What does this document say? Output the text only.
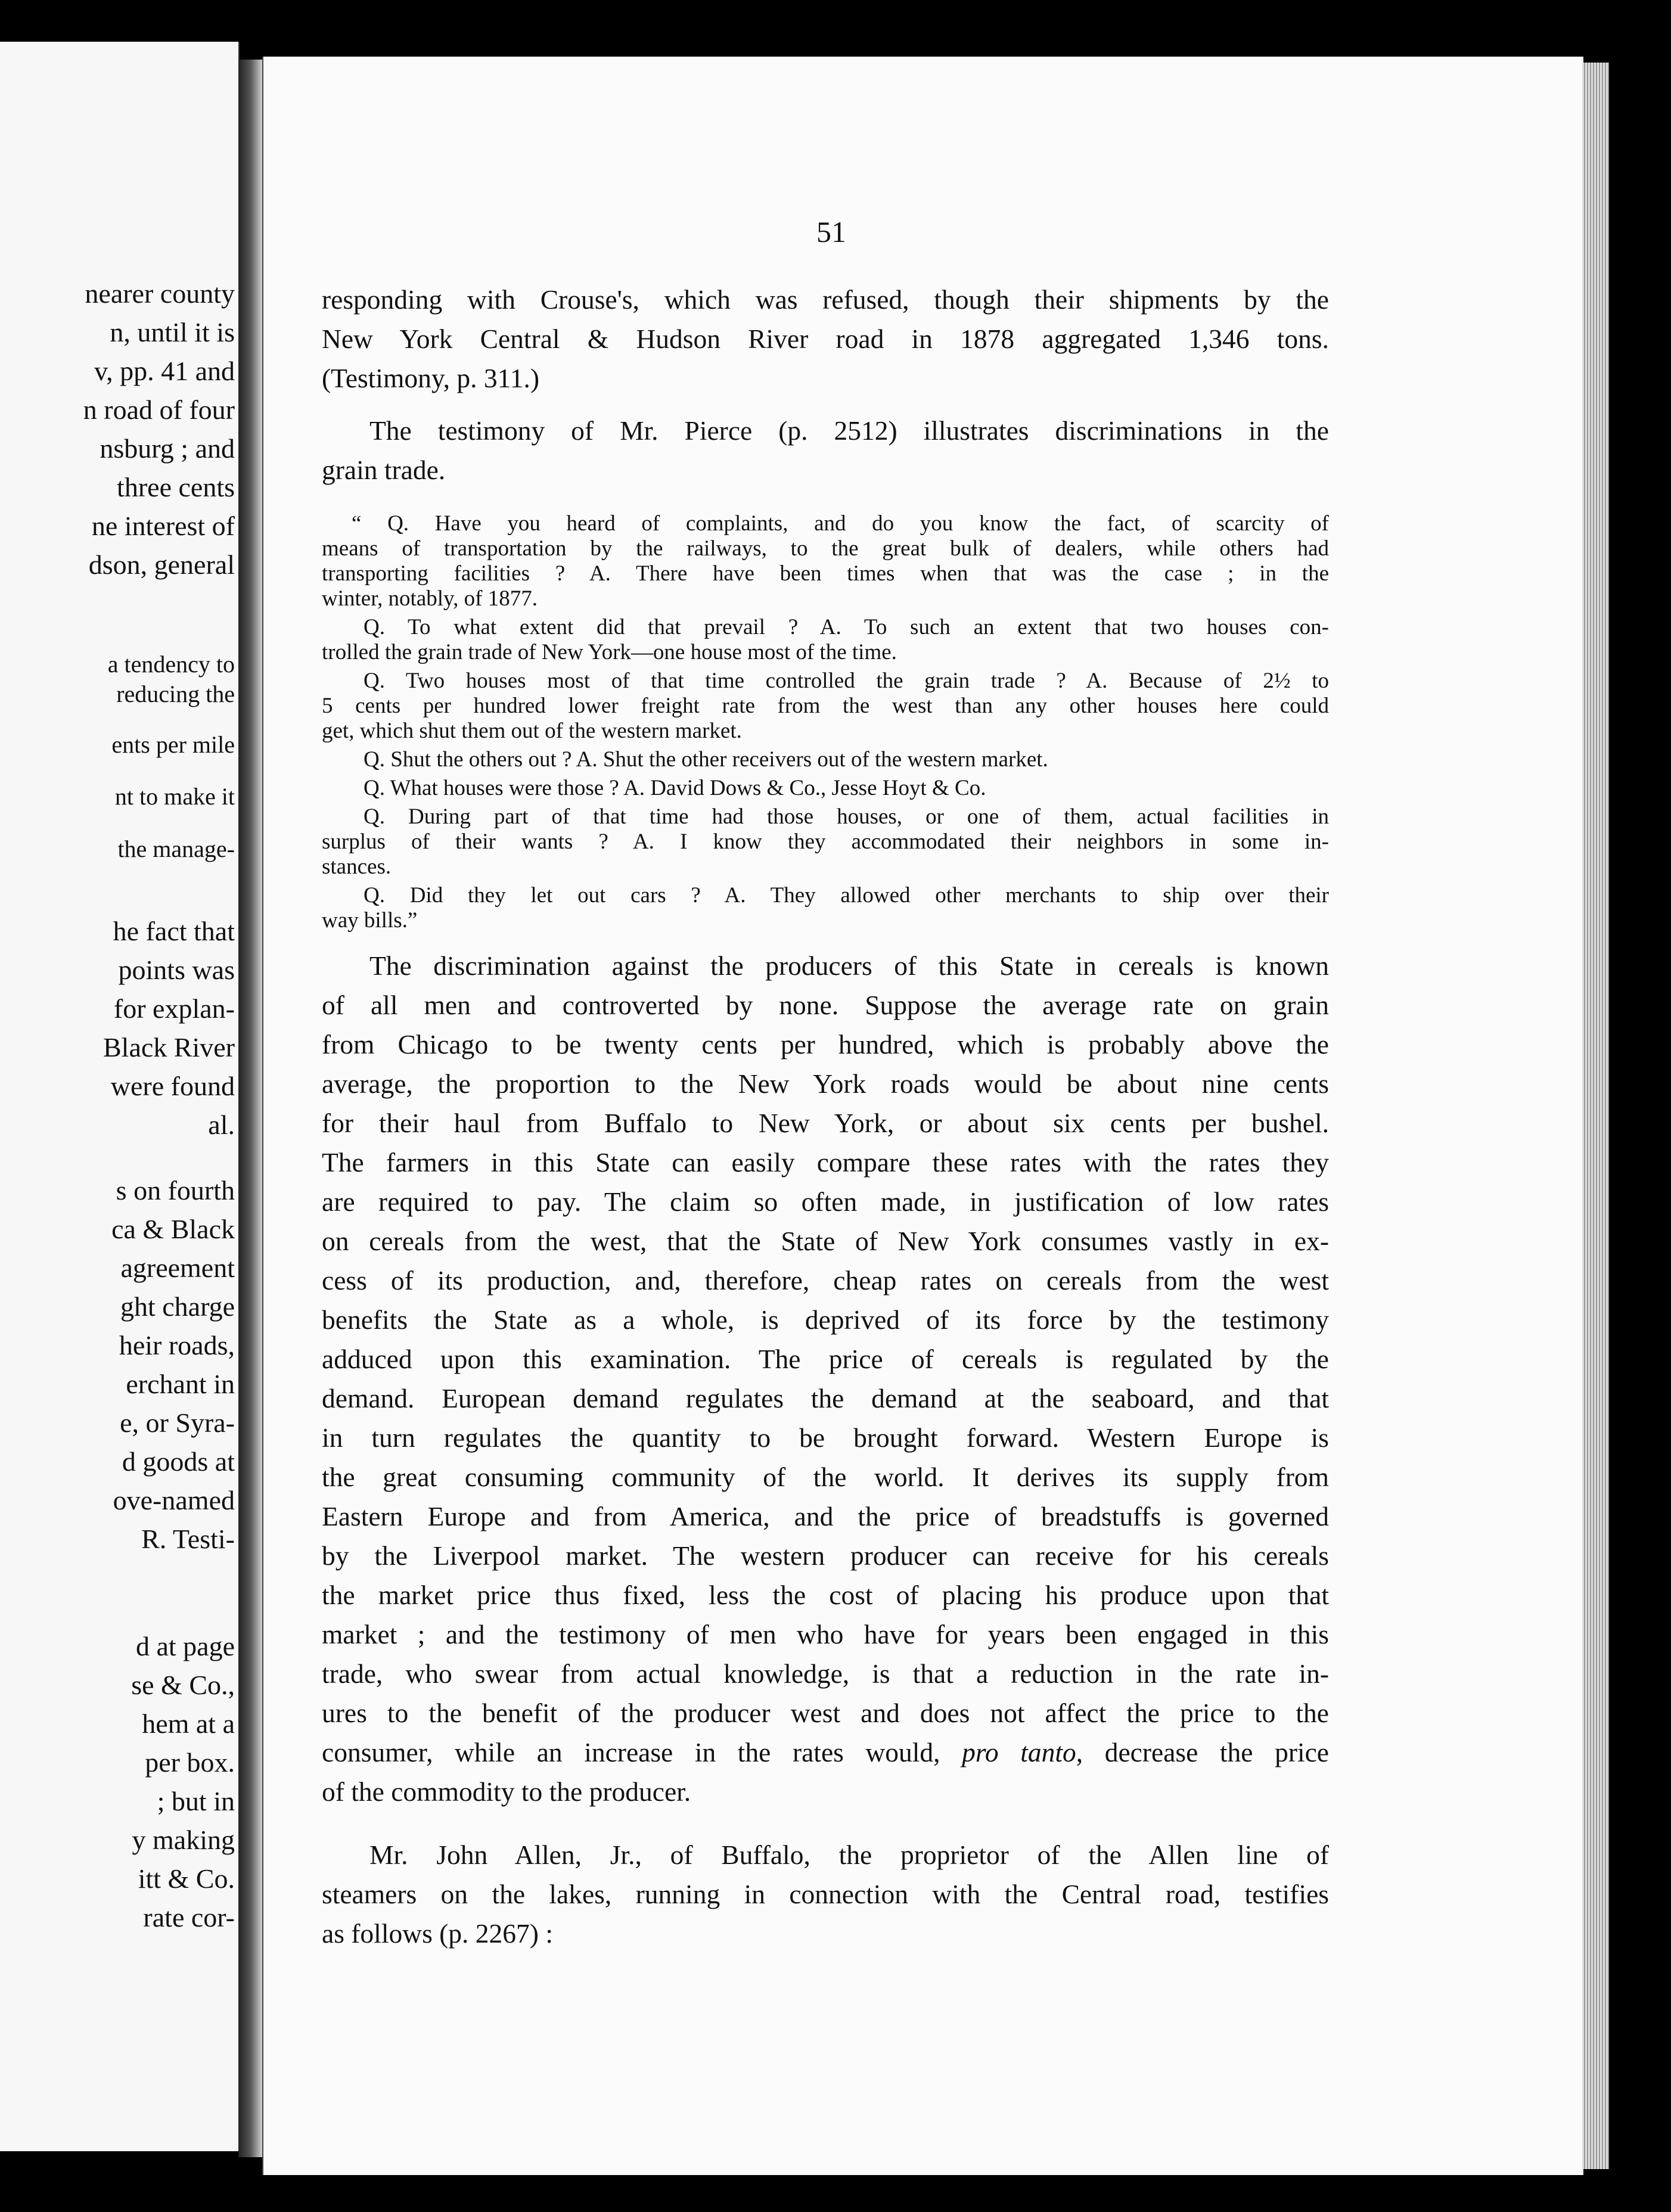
nearer county
n, until it is
v, pp. 41 and
n road of four
nsburg ; and
three cents
ne interest of
dson, general
a tendency to
reducing the
ents per mile
nt to make it
the manage-
he fact that
points was
for explan-
Black River
were found
al.
s on fourth
ca & Black
agreement
ght charge
heir roads,
erchant in
e, or Syra-
d goods at
ove-named
R. Testi-
d at page
se & Co.,
hem at a
per box.
; but in
y making
itt & Co.
rate cor-
51
responding with Crouse's, which was refused, though their shipments by the
New York Central & Hudson River road in 1878 aggregated 1,346 tons.
(Testimony, p. 311.)
The testimony of Mr. Pierce (p. 2512) illustrates discriminations in the
grain trade.
“ Q. Have you heard of complaints, and do you know the fact, of scarcity of
means of transportation by the railways, to the great bulk of dealers, while others had
transporting facilities ? A. There have been times when that was the case ; in the
winter, notably, of 1877.
Q. To what extent did that prevail ? A. To such an extent that two houses con-
trolled the grain trade of New York—one house most of the time.
Q. Two houses most of that time controlled the grain trade ? A. Because of 2½ to
5 cents per hundred lower freight rate from the west than any other houses here could
get, which shut them out of the western market.
Q. Shut the others out ? A. Shut the other receivers out of the western market.
Q. What houses were those ? A. David Dows & Co., Jesse Hoyt & Co.
Q. During part of that time had those houses, or one of them, actual facilities in
surplus of their wants ? A. I know they accommodated their neighbors in some in-
stances.
Q. Did they let out cars ? A. They allowed other merchants to ship over their
way bills.”
The discrimination against the producers of this State in cereals is known
of all men and controverted by none. Suppose the average rate on grain
from Chicago to be twenty cents per hundred, which is probably above the
average, the proportion to the New York roads would be about nine cents
for their haul from Buffalo to New York, or about six cents per bushel.
The farmers in this State can easily compare these rates with the rates they
are required to pay. The claim so often made, in justification of low rates
on cereals from the west, that the State of New York consumes vastly in ex-
cess of its production, and, therefore, cheap rates on cereals from the west
benefits the State as a whole, is deprived of its force by the testimony
adduced upon this examination. The price of cereals is regulated by the
demand. European demand regulates the demand at the seaboard, and that
in turn regulates the quantity to be brought forward. Western Europe is
the great consuming community of the world. It derives its supply from
Eastern Europe and from America, and the price of breadstuffs is governed
by the Liverpool market. The western producer can receive for his cereals
the market price thus fixed, less the cost of placing his produce upon that
market ; and the testimony of men who have for years been engaged in this
trade, who swear from actual knowledge, is that a reduction in the rate in-
ures to the benefit of the producer west and does not affect the price to the
consumer, while an increase in the rates would, pro tanto, decrease the price
of the commodity to the producer.
Mr. John Allen, Jr., of Buffalo, the proprietor of the Allen line of
steamers on the lakes, running in connection with the Central road, testifies
as follows (p. 2267) :
